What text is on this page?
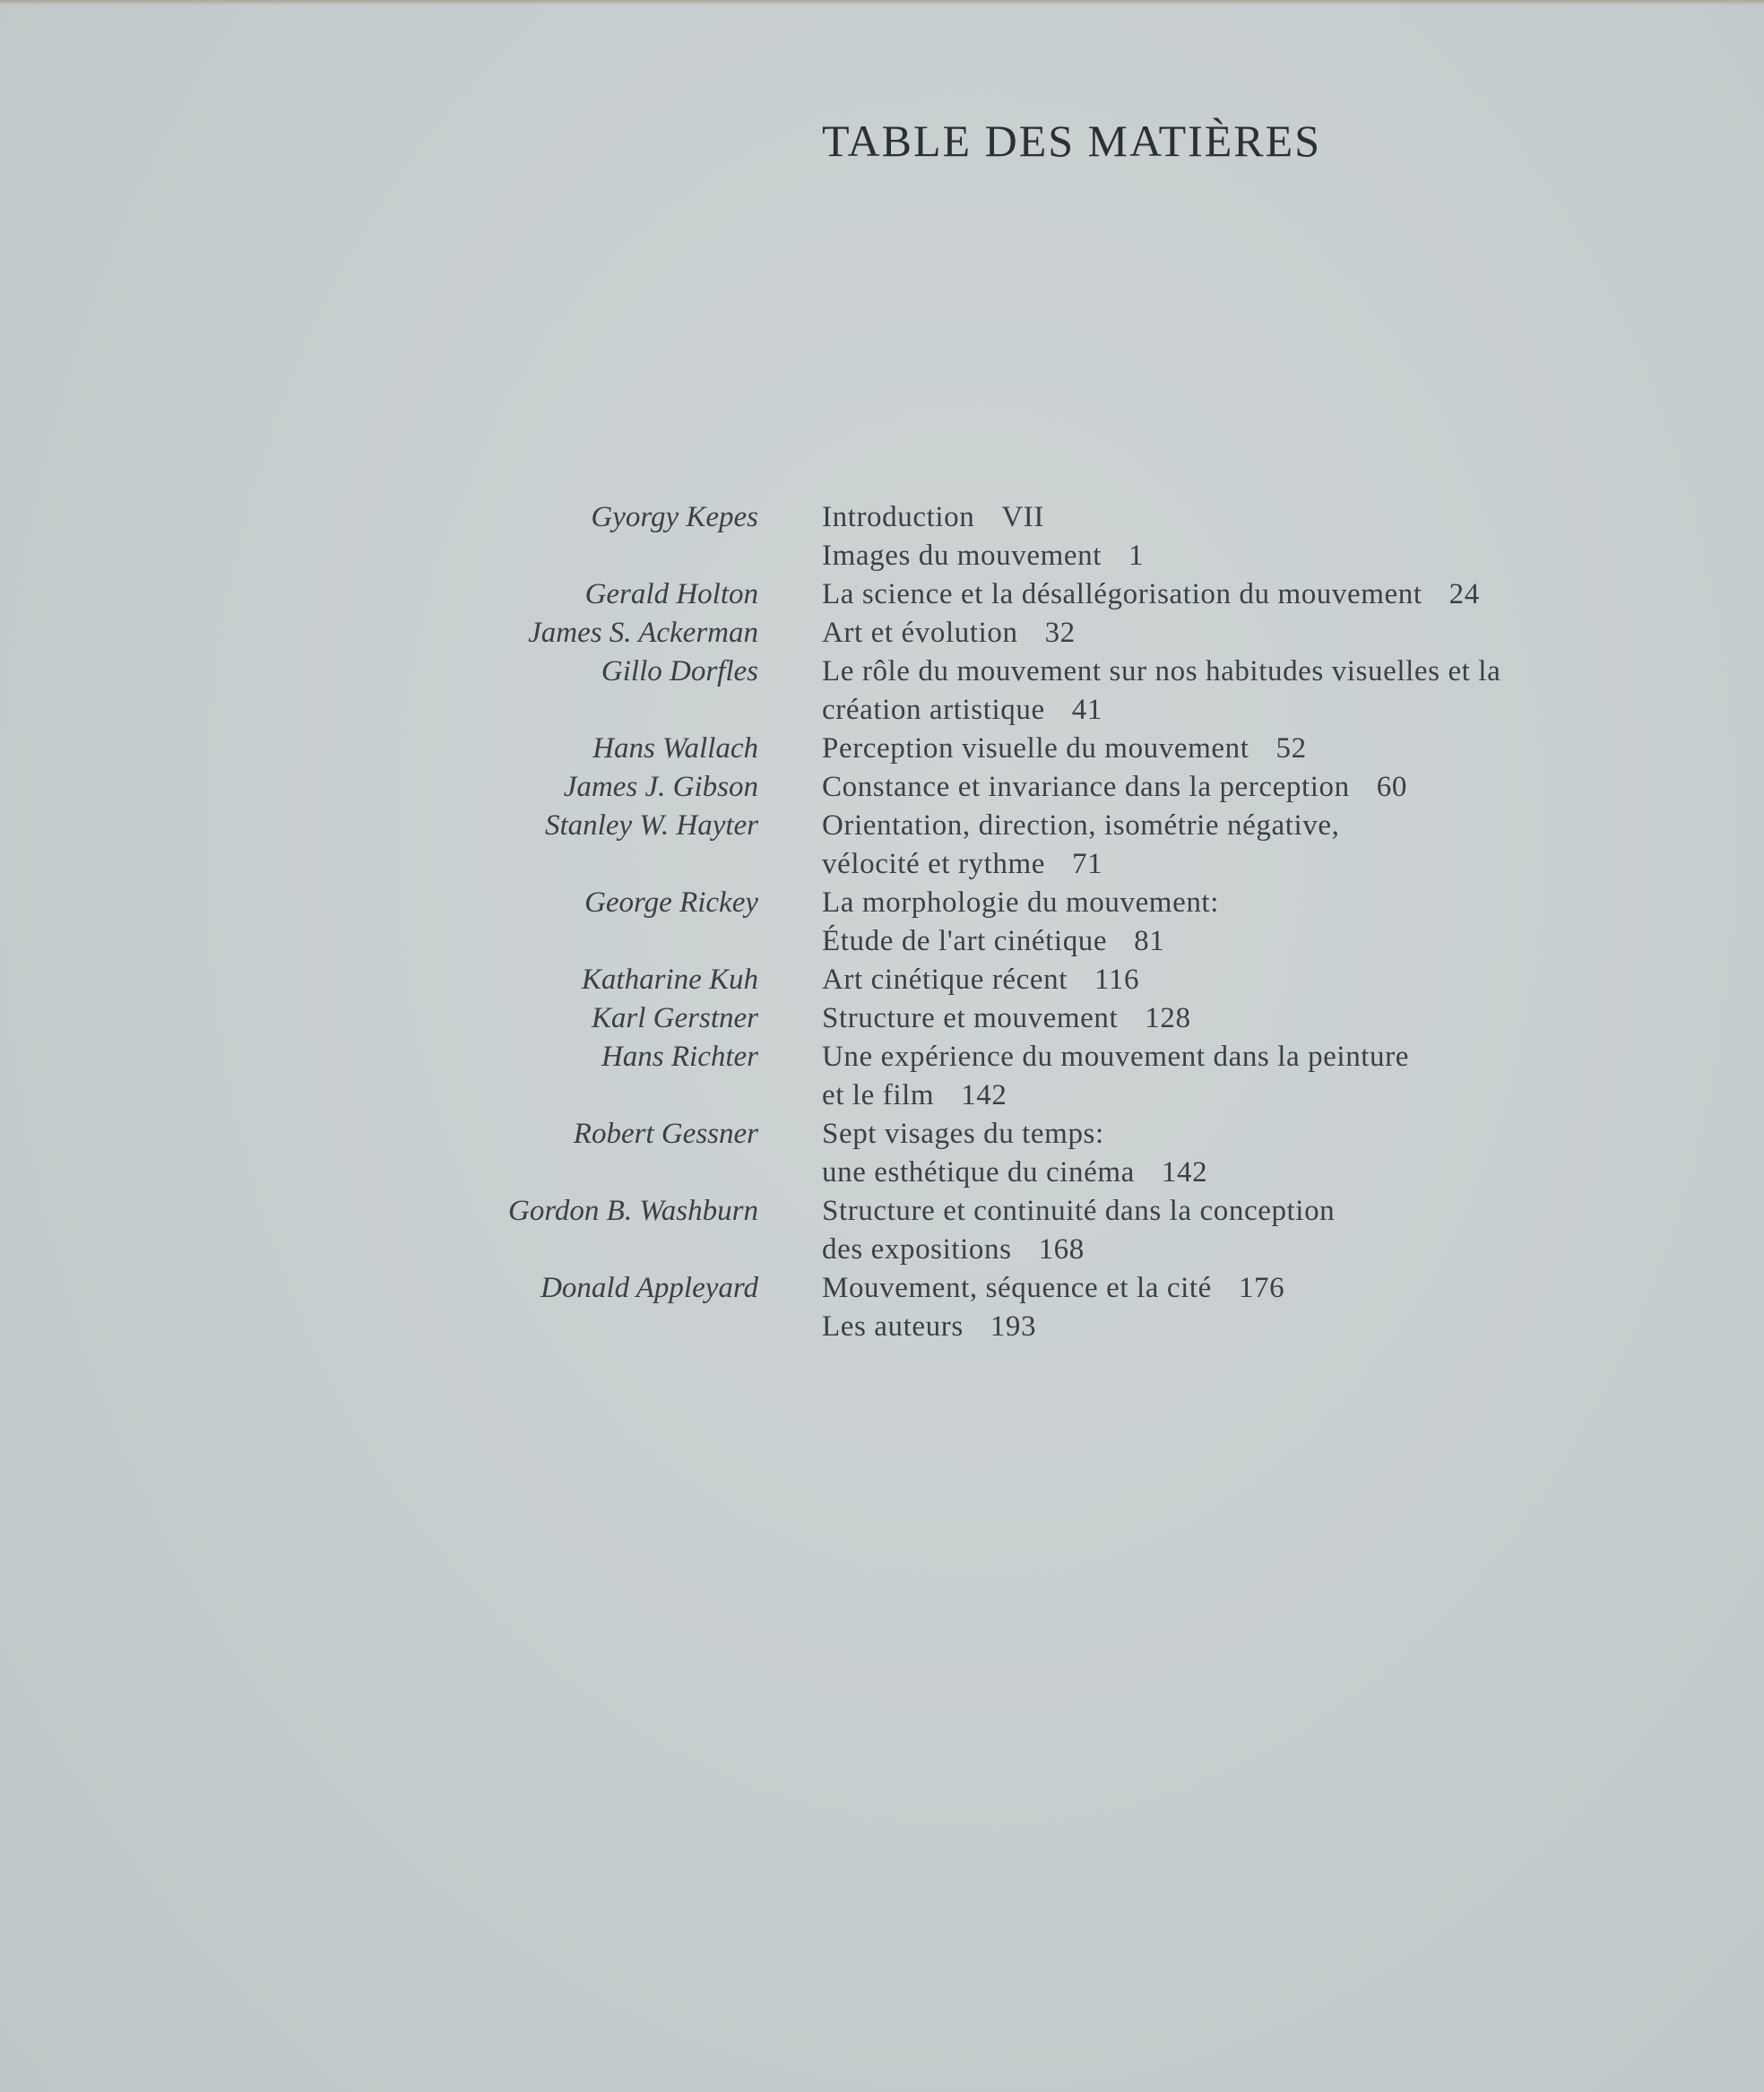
TABLE DES MATIÈRES
Gyorgy Kepes Introduction VII
Images du mouvement 1
Gerald Holton La science et la désallégorisation du mouvement 24
James S. Ackerman Art et évolution 32
Gillo Dorfles Le rôle du mouvement sur nos habitudes visuelles et la
création artistique 41
Hans Wallach Perception visuelle du mouvement 52
James J. Gibson Constance et invariance dans la perception 60
Stanley W. Hayter Orientation, direction, isométrie négative,
vélocité et rythme 71
George Rickey La morphologie du mouvement:
Étude de l'art cinétique 81
Katharine Kuh Art cinétique récent 116
Karl Gerstner Structure et mouvement 128
Hans Richter Une expérience du mouvement dans la peinture
et le film 142
Robert Gessner Sept visages du temps:
une esthétique du cinéma 142
Gordon B. Washburn Structure et continuité dans la conception
des expositions 168
Donald Appleyard Mouvement, séquence et la cité 176
Les auteurs 193
